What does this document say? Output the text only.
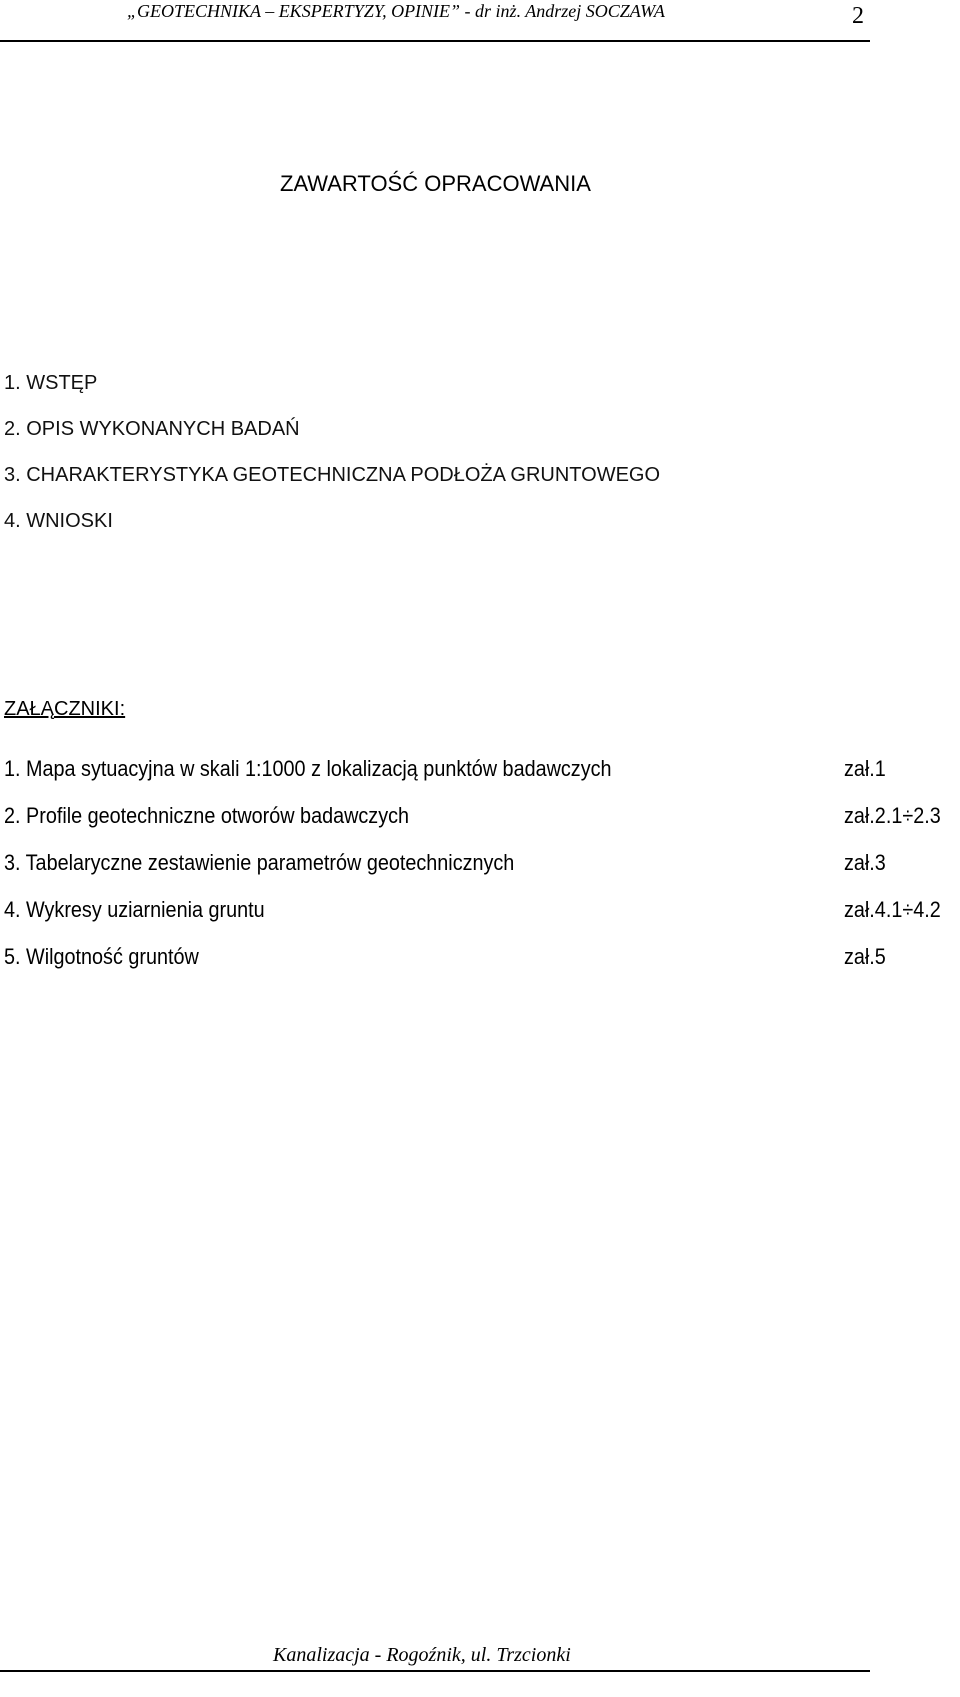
„GEOTECHNIKA – EKSPERTYZY, OPINIE” - dr inż. Andrzej SOCZAWA	2
ZAWARTOŚĆ OPRACOWANIA
1. WSTĘP
2. OPIS WYKONANYCH BADAŃ
3. CHARAKTERYSTYKA GEOTECHNICZNA PODŁOŻA GRUNTOWEGO
4. WNIOSKI
ZAŁĄCZNIKI:
1. Mapa sytuacyjna w skali 1:1000 z lokalizacją punktów badawczych	zał.1
2. Profile geotechniczne otworów badawczych	zał.2.1÷2.3
3. Tabelaryczne zestawienie parametrów geotechnicznych	zał.3
4. Wykresy uziarnienia gruntu	zał.4.1÷4.2
5. Wilgotność gruntów	zał.5
Kanalizacja - Rogoźnik, ul. Trzcionki
